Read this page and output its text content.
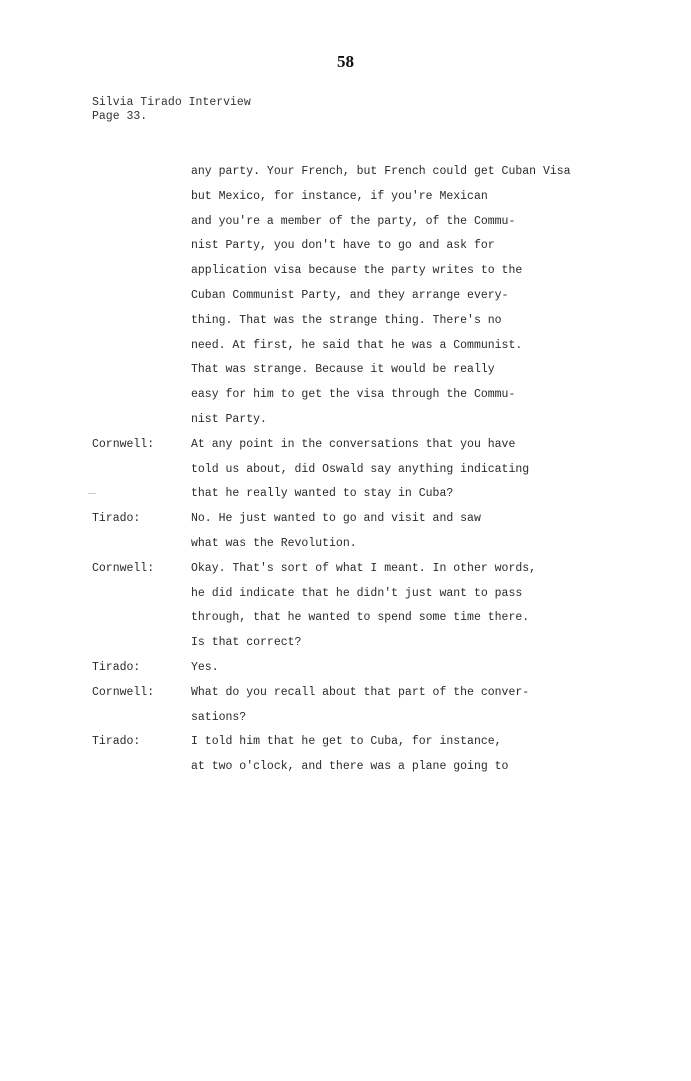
58
Silvia Tirado Interview
Page 33.
any party. Your French, but French could get Cuban Visa
but Mexico, for instance, if you're Mexican
and you're a member of the party, of the Commu-
nist Party, you don't have to go and ask for
application visa because the party writes to the
Cuban Communist Party, and they arrange every-
thing. That was the strange thing. There's no
need. At first, he said that he was a Communist.
That was strange. Because it would be really
easy for him to get the visa through the Commu-
nist Party.
Cornwell:	At any point in the conversations that you have
told us about, did Oswald say anything indicating
that he really wanted to stay in Cuba?
Tirado:	No. He just wanted to go and visit and saw
what was the Revolution.
Cornwell:	Okay. That's sort of what I meant. In other words,
he did indicate that he didn't just want to pass
through, that he wanted to spend some time there.
Is that correct?
Tirado:	Yes.
Cornwell:	What do you recall about that part of the conver-
sations?
Tirado:	I told him that he get to Cuba, for instance,
at two o'clock, and there was a plane going to
